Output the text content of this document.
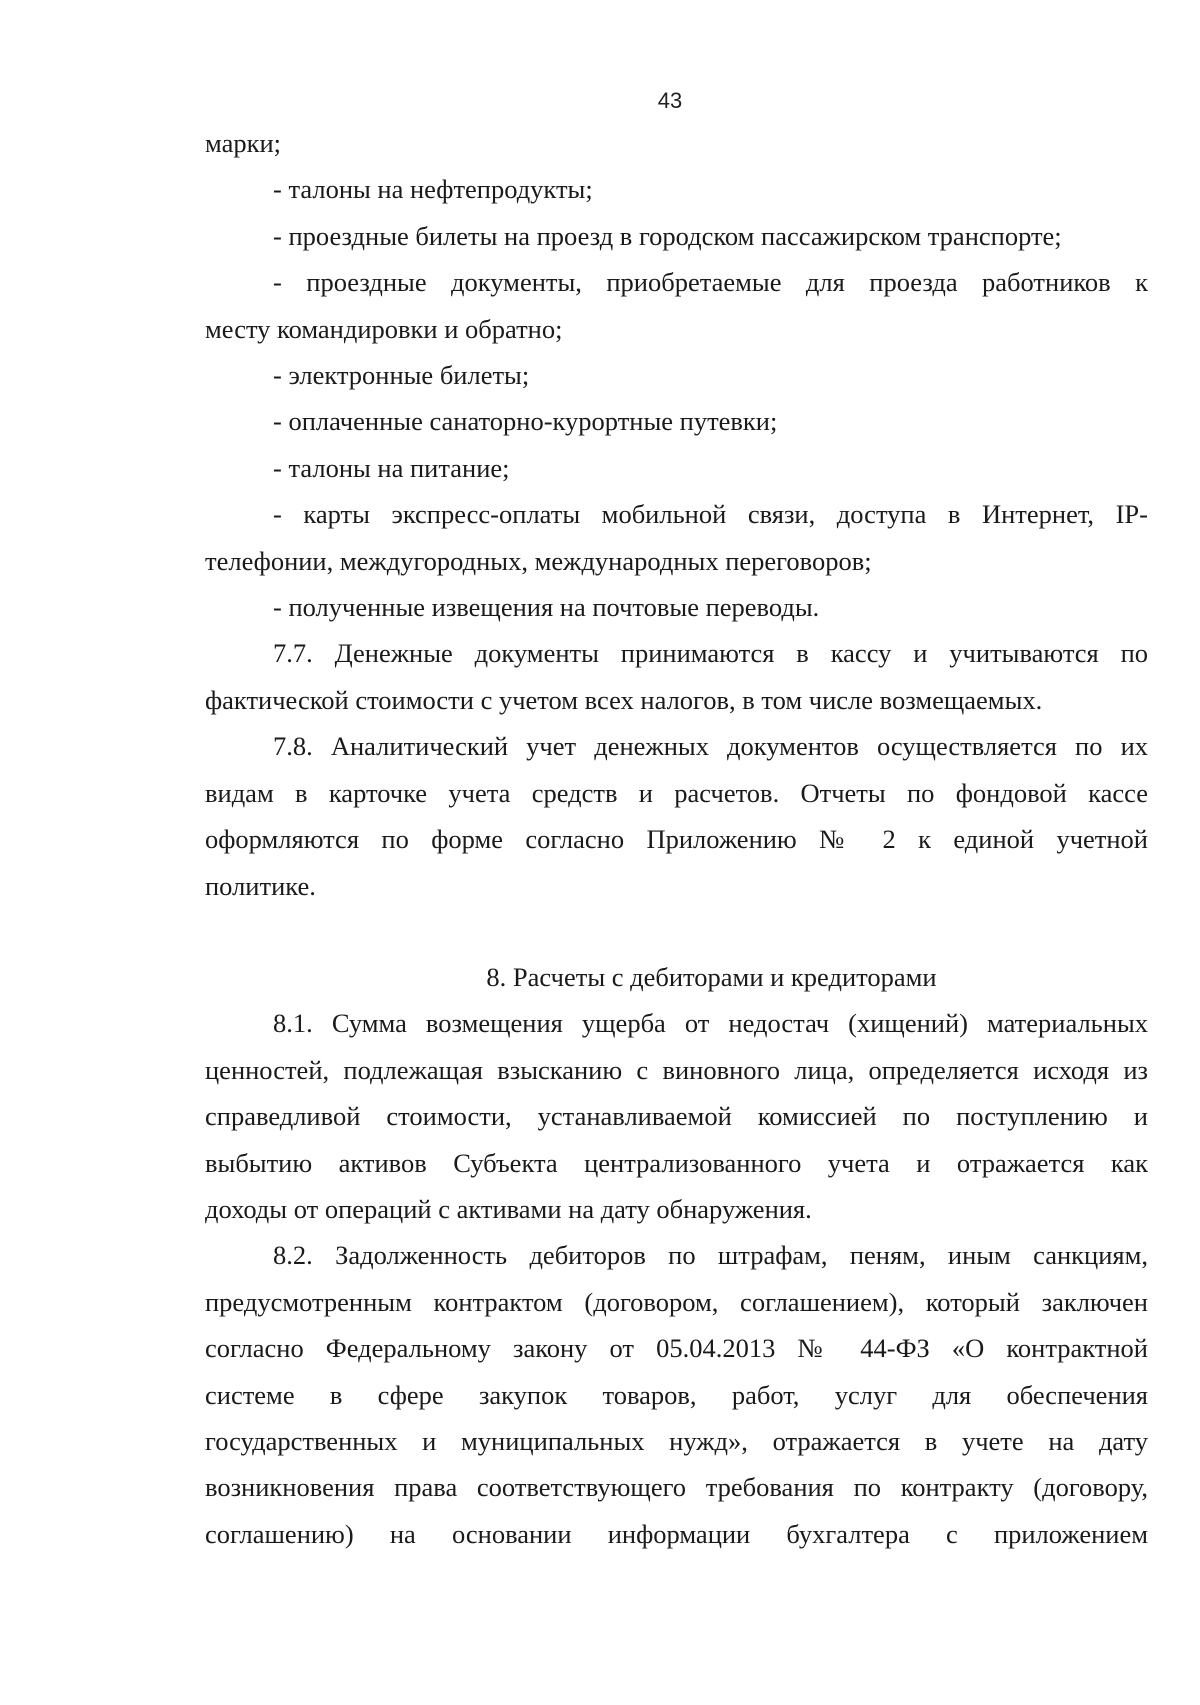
43
марки;
- талоны на нефтепродукты;
- проездные билеты на проезд в городском пассажирском транспорте;
- проездные документы, приобретаемые для проезда работников к
месту командировки и обратно;
- электронные билеты;
- оплаченные санаторно-курортные путевки;
- талоны на питание;
- карты экспресс-оплаты мобильной связи, доступа в Интернет, IP-
телефонии, междугородных, международных переговоров;
- полученные извещения на почтовые переводы.
7.7. Денежные документы принимаются в кассу и учитываются по
фактической стоимости с учетом всех налогов, в том числе возмещаемых.
7.8. Аналитический учет денежных документов осуществляется по их
видам в карточке учета средств и расчетов. Отчеты по фондовой кассе
оформляются по форме согласно Приложению № 2 к единой учетной
политике.
8. Расчеты с дебиторами и кредиторами
8.1. Сумма возмещения ущерба от недостач (хищений) материальных
ценностей, подлежащая взысканию с виновного лица, определяется исходя из
справедливой стоимости, устанавливаемой комиссией по поступлению и
выбытию активов Субъекта централизованного учета и отражается как
доходы от операций с активами на дату обнаружения.
8.2. Задолженность дебиторов по штрафам, пеням, иным санкциям,
предусмотренным контрактом (договором, соглашением), который заключен
согласно Федеральному закону от 05.04.2013 № 44-ФЗ «О контрактной
системе в сфере закупок товаров, работ, услуг для обеспечения
государственных и муниципальных нужд», отражается в учете на дату
возникновения права соответствующего требования по контракту (договору,
соглашению) на основании информации бухгалтера с приложением
